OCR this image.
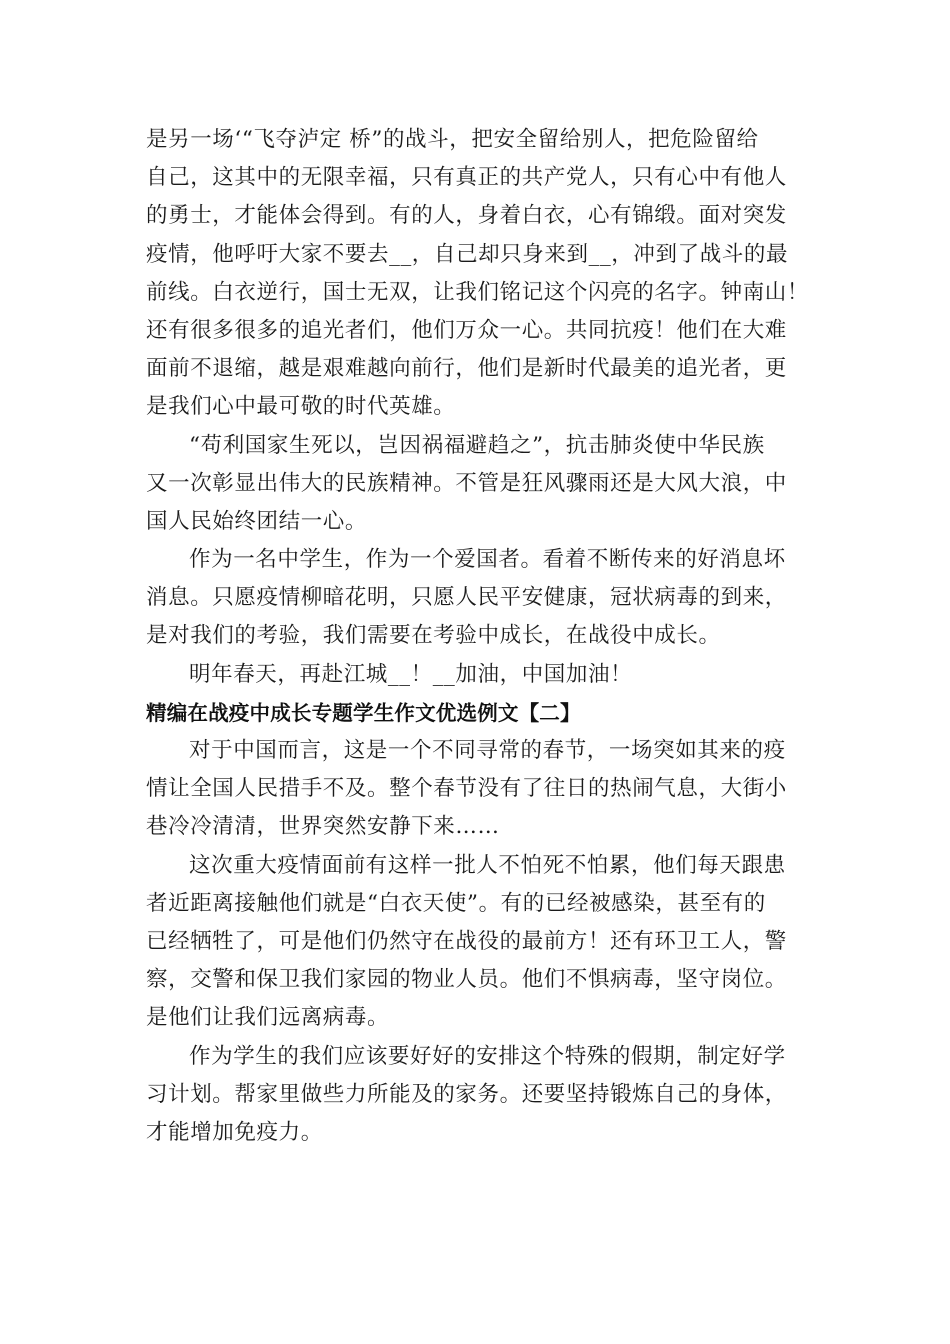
是另一场‘“飞夺泸定 桥”的战斗，把安全留给别人，把危险留给
自己，这其中的无限幸福，只有真正的共产党人，只有心中有他人
的勇士，才能体会得到。有的人，身着白衣，心有锦缎。面对突发
疫情，他呼吁大家不要去__，自己却只身来到__，冲到了战斗的最
前线。白衣逆行，国士无双，让我们铭记这个闪亮的名字。钟南山！
还有很多很多的追光者们，他们万众一心。共同抗疫！他们在大难
面前不退缩，越是艰难越向前行，他们是新时代最美的追光者，更
是我们心中最可敬的时代英雄。
“苟利国家生死以，岂因祸福避趋之”，抗击肺炎使中华民族
又一次彰显出伟大的民族精神。不管是狂风骤雨还是大风大浪，中
国人民始终团结一心。
作为一名中学生，作为一个爱国者。看着不断传来的好消息坏
消息。只愿疫情柳暗花明，只愿人民平安健康，冠状病毒的到来，
是对我们的考验，我们需要在考验中成长，在战役中成长。
明年春天，再赴江城__！__加油，中国加油！
精编在战疫中成长专题学生作文优选例文【二】
对于中国而言，这是一个不同寻常的春节，一场突如其来的疫
情让全国人民措手不及。整个春节没有了往日的热闹气息，大街小
巷冷冷清清，世界突然安静下来……
这次重大疫情面前有这样一批人不怕死不怕累，他们每天跟患
者近距离接触他们就是“白衣天使”。有的已经被感染，甚至有的
已经牺牲了，可是他们仍然守在战役的最前方！还有环卫工人，警
察，交警和保卫我们家园的物业人员。他们不惧病毒，坚守岗位。
是他们让我们远离病毒。
作为学生的我们应该要好好的安排这个特殊的假期，制定好学
习计划。帮家里做些力所能及的家务。还要坚持锻炼自己的身体，
才能增加免疫力。
